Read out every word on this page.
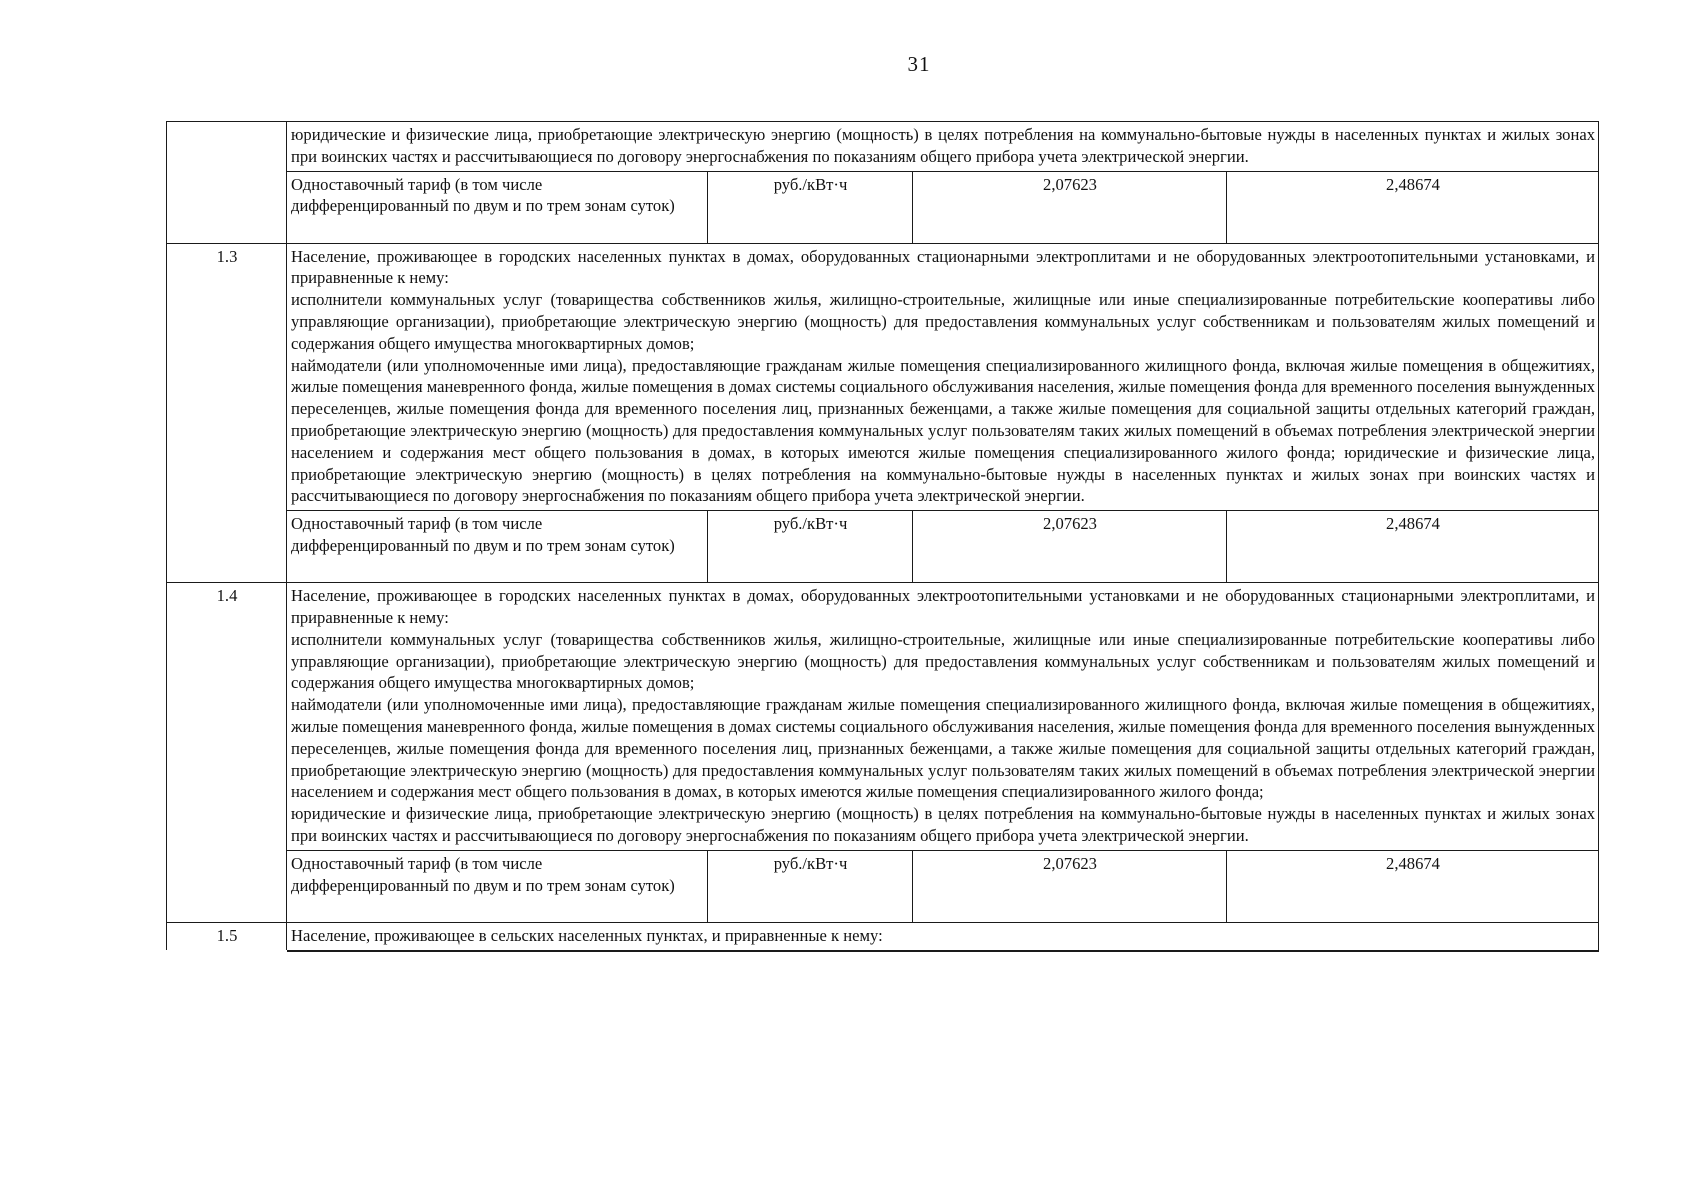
31

	юридические и физические лица, приобретающие электрическую энергию (мощность) в целях потребления на коммунально-бытовые нужды в населенных пунктах и жилых зонах при воинских частях и рассчитывающиеся по договору энергоснабжения по показаниям общего прибора учета электрической энергии.			

	Одноставочный тариф (в том числе дифференцированный по двум и по трем зонам суток)	руб./кВт·ч	2,07623	2,48674
1.3	Население, проживающее в городских населенных пунктах в домах, оборудованных стационарными электроплитами и не оборудованных электроотопительными установками, и приравненные к нему:

исполнители коммунальных услуг (товарищества собственников жилья, жилищно-строительные, жилищные или иные специализированные потребительские кооперативы либо управляющие организации), приобретающие электрическую энергию (мощность) для предоставления коммунальных услуг собственникам и пользователям жилых помещений и содержания общего имущества многоквартирных домов;

наймодатели (или уполномоченные ими лица), предоставляющие гражданам жилые помещения специализированного жилищного фонда, включая жилые помещения в общежитиях, жилые помещения маневренного фонда, жилые помещения в домах системы социального обслуживания населения, жилые помещения фонда для временного поселения вынужденных переселенцев, жилые помещения фонда для временного поселения лиц, признанных беженцами, а также жилые помещения для социальной защиты отдельных категорий граждан, приобретающие электрическую энергию (мощность) для предоставления коммунальных услуг пользователям таких жилых помещений в объемах потребления электрической энергии населением и содержания мест общего пользования в домах, в которых имеются жилые помещения специализированного жилого фонда; юридические и физические лица, приобретающие электрическую энергию (мощность) в целях потребления на коммунально-бытовые нужды в населенных пунктах и жилых зонах при воинских частях и рассчитывающиеся по договору энергоснабжения по показаниям общего прибора учета электрической энергии.			

	Одноставочный тариф (в том числе дифференцированный по двум и по трем зонам суток)	руб./кВт·ч	2,07623	2,48674
1.4	Население, проживающее в городских населенных пунктах в домах, оборудованных электроотопительными установками и не оборудованных стационарными электроплитами, и приравненные к нему:

исполнители коммунальных услуг (товарищества собственников жилья, жилищно-строительные, жилищные или иные специализированные потребительские кооперативы либо управляющие организации), приобретающие электрическую энергию (мощность) для предоставления коммунальных услуг собственникам и пользователям жилых помещений и содержания общего имущества многоквартирных домов;

наймодатели (или уполномоченные ими лица), предоставляющие гражданам жилые помещения специализированного жилищного фонда, включая жилые помещения в общежитиях, жилые помещения маневренного фонда, жилые помещения в домах системы социального обслуживания населения, жилые помещения фонда для временного поселения вынужденных переселенцев, жилые помещения фонда для временного поселения лиц, признанных беженцами, а также жилые помещения для социальной защиты отдельных категорий граждан, приобретающие электрическую энергию (мощность) для предоставления коммунальных услуг пользователям таких жилых помещений в объемах потребления электрической энергии населением и содержания мест общего пользования в домах, в которых имеются жилые помещения специализированного жилого фонда;

юридические и физические лица, приобретающие электрическую энергию (мощность) в целях потребления на коммунально-бытовые нужды в населенных пунктах и жилых зонах при воинских частях и рассчитывающиеся по договору энергоснабжения по показаниям общего прибора учета электрической энергии.			

	Одноставочный тариф (в том числе дифференцированный по двум и по трем зонам суток)	руб./кВт·ч	2,07623	2,48674
1.5	Население, проживающее в сельских населенных пунктах, и приравненные к нему:			
